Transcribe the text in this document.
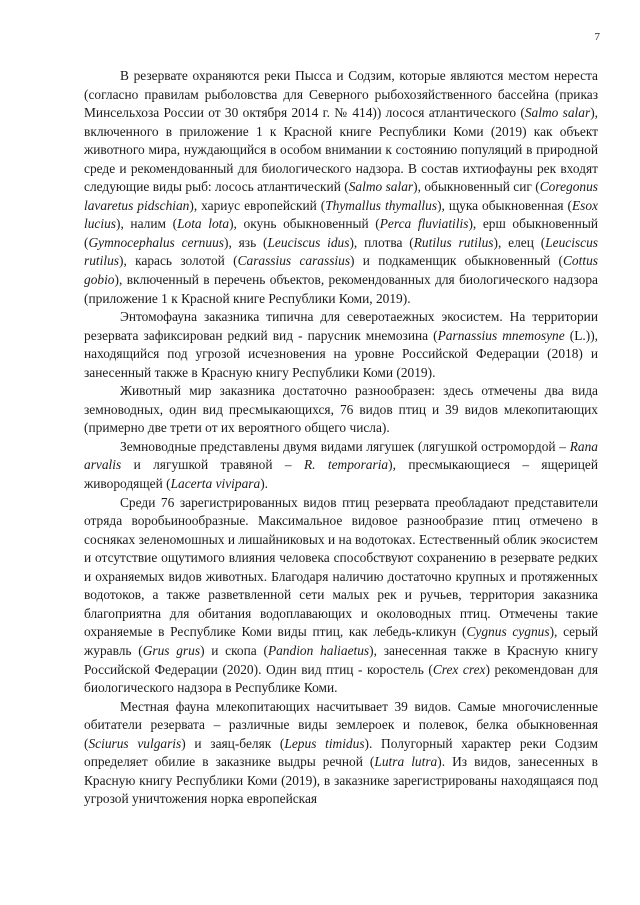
7

В резервате охраняются реки Пысса и Содзим, которые являются местом нереста (согласно правилам рыболовства для Северного рыбохозяйственного бассейна (приказ Минсельхоза России от 30 октября 2014 г. № 414)) лосося атлантического (Salmo salar), включенного в приложение 1 к Красной книге Республики Коми (2019) как объект животного мира, нуждающийся в особом внимании к состоянию популяций в природной среде и рекомендованный для биологического надзора. В состав ихтиофауны рек входят следующие виды рыб: лосось атлантический (Salmo salar), обыкновенный сиг (Coregonus lavaretus pidschian), хариус европейский (Thymallus thymallus), щука обыкновенная (Esox lucius), налим (Lota lota), окунь обыкновенный (Perca fluviatilis), ерш обыкновенный (Gymnocephalus cernuus), язь (Leuciscus idus), плотва (Rutilus rutilus), елец (Leuciscus rutilus), карась золотой (Carassius carassius) и подкаменщик обыкновенный (Cottus gobio), включенный в перечень объектов, рекомендованных для биологического надзора (приложение 1 к Красной книге Республики Коми, 2019).

Энтомофауна заказника типична для северотаежных экосистем. На территории резервата зафиксирован редкий вид - парусник мнемозина (Parnassius mnemosyne (L.)), находящийся под угрозой исчезновения на уровне Российской Федерации (2018) и занесенный также в Красную книгу Республики Коми (2019).

Животный мир заказника достаточно разнообразен: здесь отмечены два вида земноводных, один вид пресмыкающихся, 76 видов птиц и 39 видов млекопитающих (примерно две трети от их вероятного общего числа).

Земноводные представлены двумя видами лягушек (лягушкой остромордой – Rana arvalis и лягушкой травяной – R. temporaria), пресмыкающиеся – ящерицей живородящей (Lacerta vivipara).

Среди 76 зарегистрированных видов птиц резервата преобладают представители отряда воробьинообразные. Максимальное видовое разнообразие птиц отмечено в сосняках зеленомошных и лишайниковых и на водотоках. Естественный облик экосистем и отсутствие ощутимого влияния человека способствуют сохранению в резервате редких и охраняемых видов животных. Благодаря наличию достаточно крупных и протяженных водотоков, а также разветвленной сети малых рек и ручьев, территория заказника благоприятна для обитания водоплавающих и околоводных птиц. Отмечены такие охраняемые в Республике Коми виды птиц, как лебедь-кликун (Cygnus cygnus), серый журавль (Grus grus) и скопа (Pandion haliaetus), занесенная также в Красную книгу Российской Федерации (2020). Один вид птиц - коростель (Crex crex) рекомендован для биологического надзора в Республике Коми.

Местная фауна млекопитающих насчитывает 39 видов. Самые многочисленные обитатели резервата – различные виды землероек и полевок, белка обыкновенная (Sciurus vulgaris) и заяц-беляк (Lepus timidus). Полугорный характер реки Содзим определяет обилие в заказнике выдры речной (Lutra lutra). Из видов, занесенных в Красную книгу Республики Коми (2019), в заказнике зарегистрированы находящаяся под угрозой уничтожения норка европейская
